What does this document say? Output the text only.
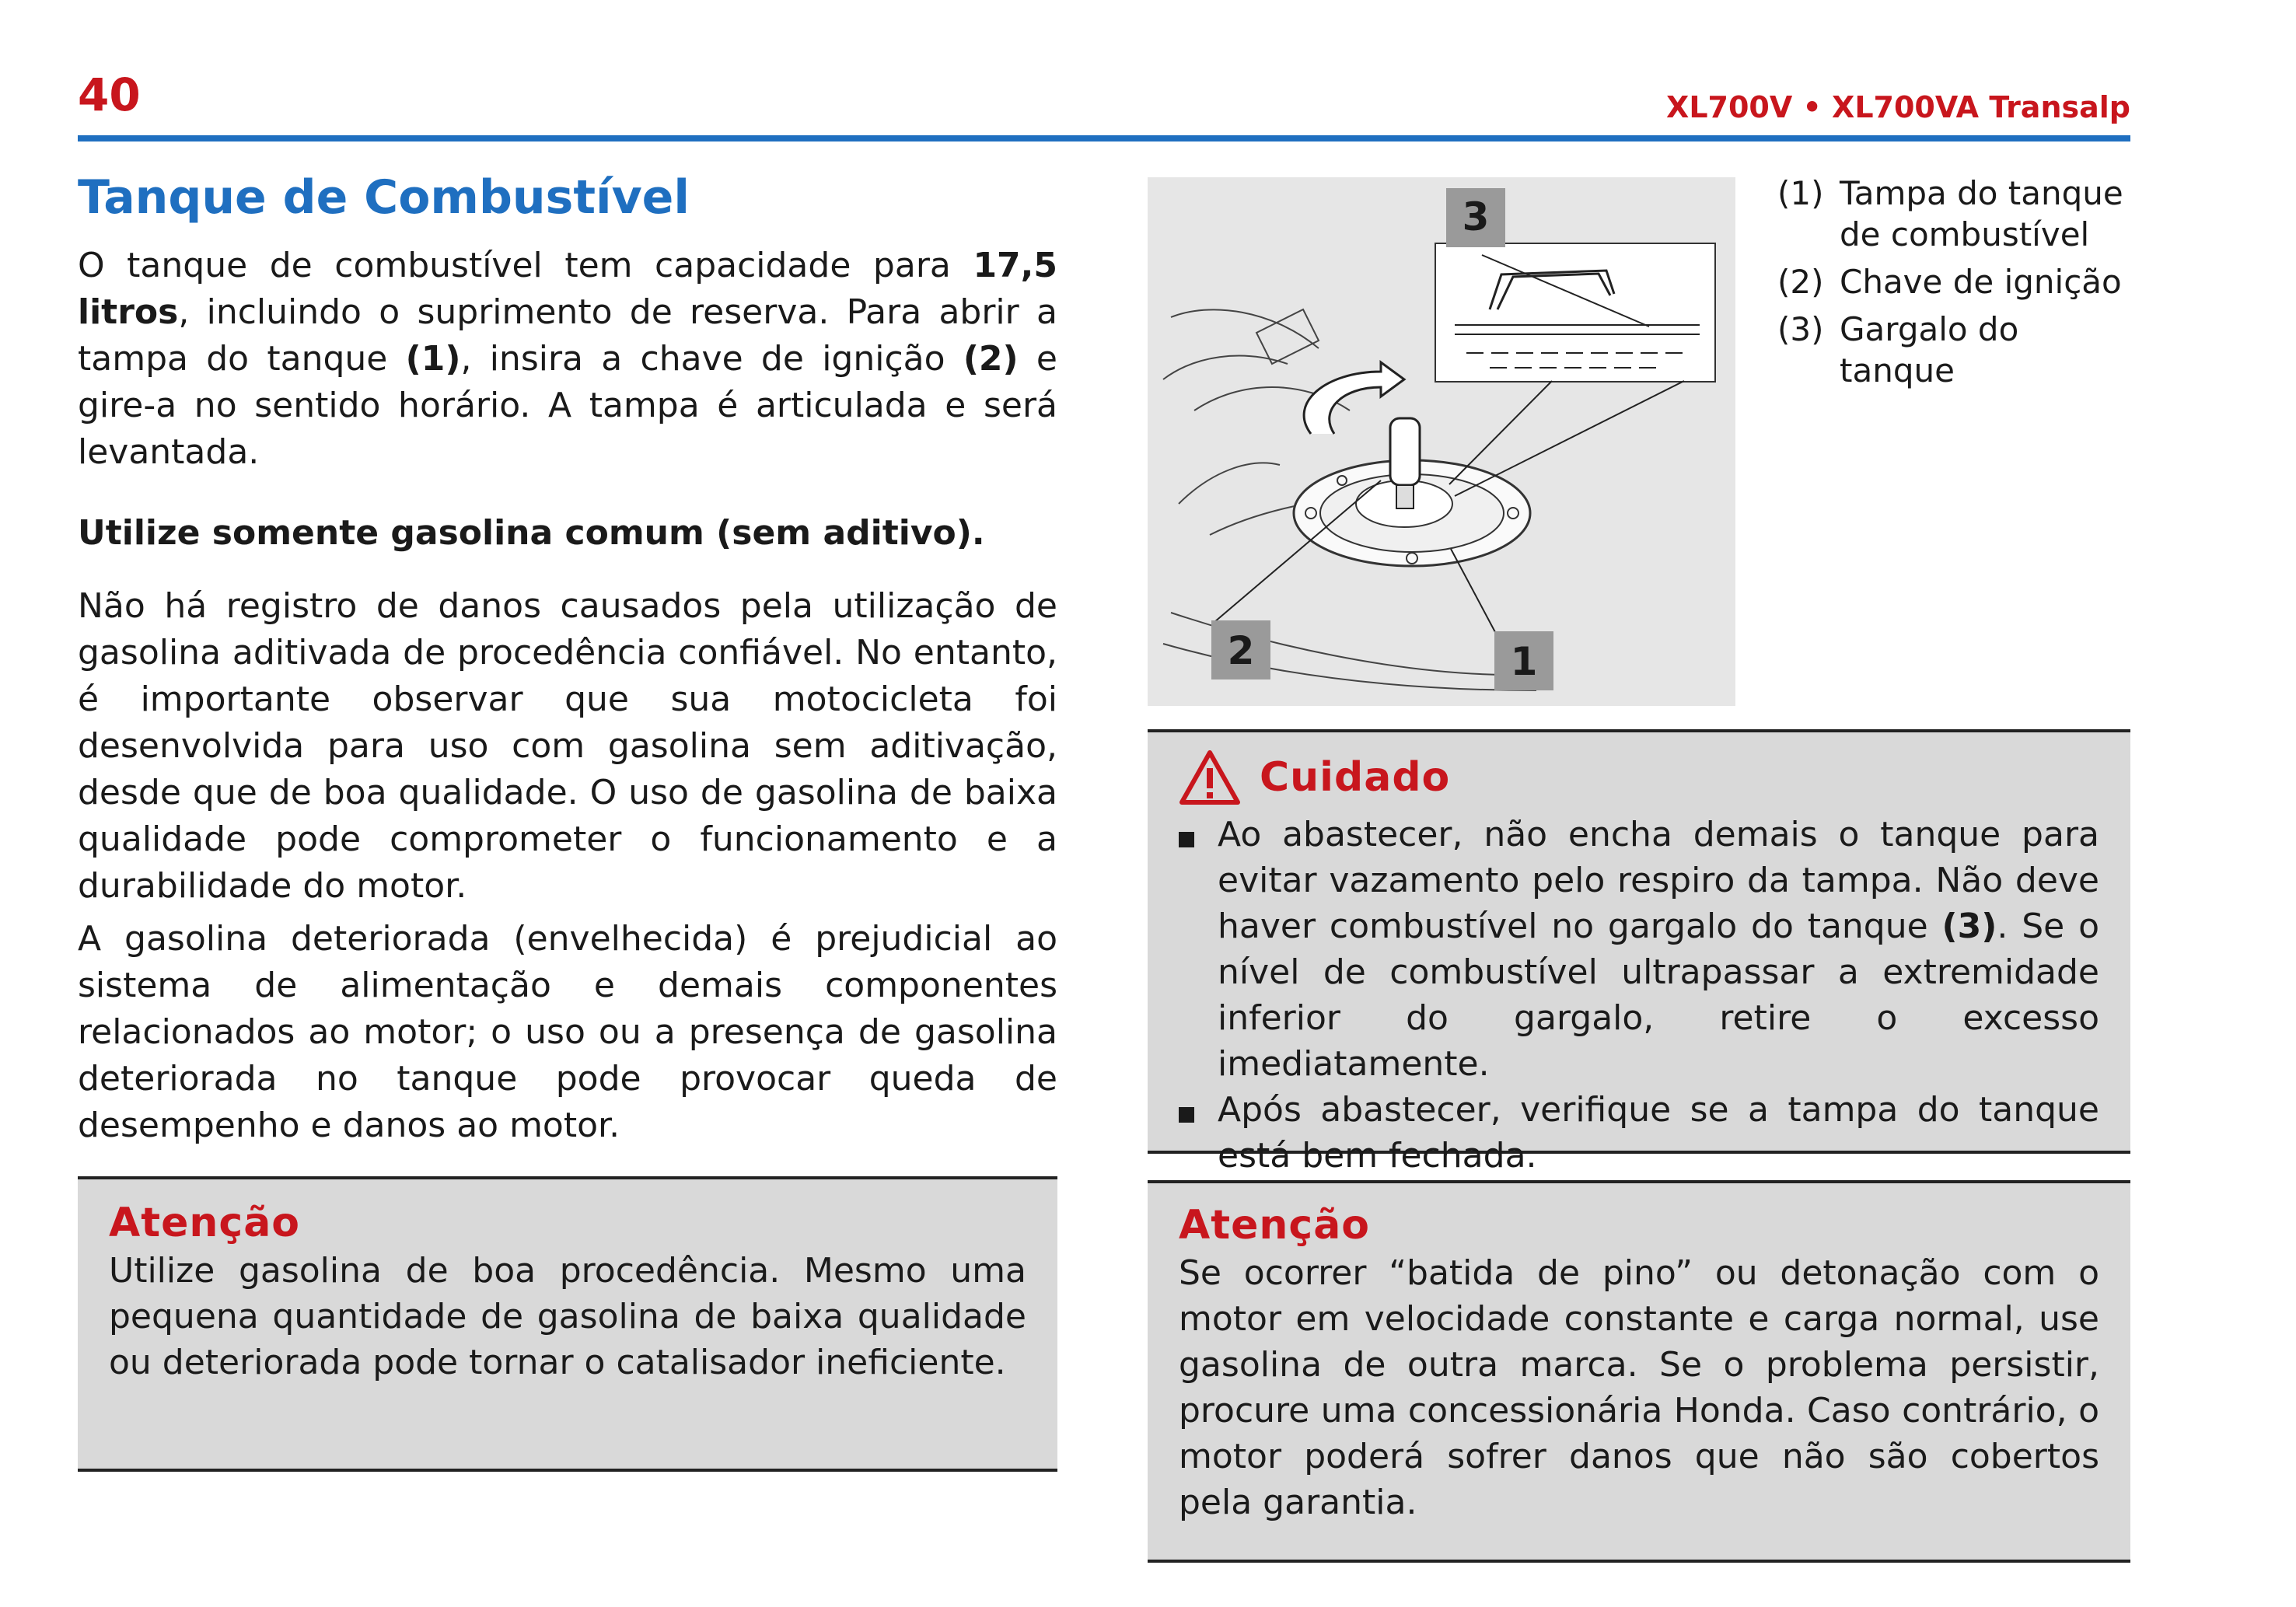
40	XL700V • XL700VA Transalp
Tanque de Combustível

O tanque de combustível tem capacidade para 17,5 litros, incluindo o suprimento de reserva. Para abrir a tampa do tanque (1), insira a chave de ignição (2) e gire-a no sentido horário. A tampa é articulada e será levantada.

Utilize somente gasolina comum (sem aditivo).

Não há registro de danos causados pela utilização de gasolina aditivada de procedência confiável. No entanto, é importante observar que sua motocicleta foi desenvolvida para uso com gasolina sem aditivação, desde que de boa qualidade. O uso de gasolina de baixa qualidade pode comprometer o funcionamento e a durabilidade do motor.

A gasolina deteriorada (envelhecida) é prejudicial ao sistema de alimentação e demais componentes relacionados ao motor; o uso ou a presença de gasolina deteriorada no tanque pode provocar queda de desempenho e danos ao motor.

Atenção

Utilize gasolina de boa procedência. Mesmo uma pequena quantidade de gasolina de baixa qualidade ou deteriorada pode tornar o catalisador ineficiente.

3
2	1
(1) Tampa do tanque de combustível
(2) Chave de ignição
(3) Gargalo do tanque
Cuidado
Ao abastecer, não encha demais o tanque para evitar vazamento pelo respiro da tampa. Não deve haver combustível no gargalo do tanque (3). Se o nível de combustível ultrapassar a extremidade inferior do gargalo, retire o excesso imediatamente.
Após abastecer, verifique se a tampa do tanque está bem fechada.
Atenção

Se ocorrer “batida de pino” ou detonação com o motor em velocidade constante e carga normal, use gasolina de outra marca. Se o problema persistir, procure uma concessionária Honda. Caso contrário, o motor poderá sofrer danos que não são cobertos pela garantia.
